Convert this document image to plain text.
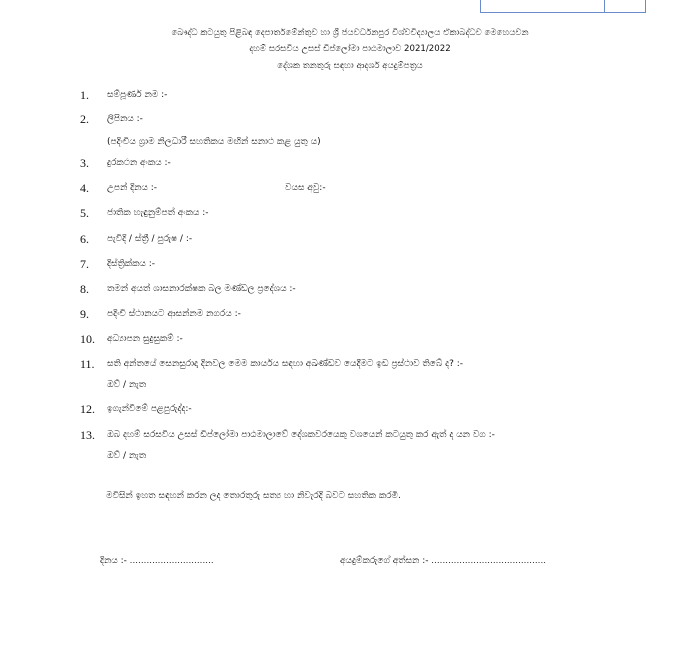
බෞද්ධ කටයුතු පිළිබඳ දෙපාර්තමේන්තුව හා ශ්‍රී ජයවර්ධනපුර විශ්වවිද්‍යාලය ඒකාබද්ධව මෙහෙයවන
දහම් සරසවිය උසස් ඩිප්ලෝමා පාඨමාලාව 2021/2022
දේශක තනතුරු සඳහා ආදර්ශ අයදුම්පත්‍රය
1.	සම්පූර්ණ නම :-
2.	ලිපිනය :-
(පදිංචිය ග්‍රාම නිලධාරී සහතිකය මඟින් සනාථ කළ යුතු ය)
3.	දුරකථන අංකය :-
4.	උපන් දිනය :-	වයස අවු:-
5.	ජාතික හැඳුනුම්පත් අංකය :-
6.	පැවිදි / ස්ත්‍රී / පුරුෂ / :-
7.	දිස්ත්‍රික්කය :-
8.	තමන් අයත් ශාසනාරක්ෂක බල මණ්ඩල ප්‍රදේශය :-
9.	පදිංචි ස්ථානයට ආසන්නම නගරය :-
10.	අධ්‍යාපන සුදුසුකම් :-
11.	සති අන්තයේ සෙනසුරාදා දිනවල මෙම කාර්යය සඳහා අඛණ්ඩව යෙදීමට ඉඩ ප්‍රස්ථාව තිබේ ද? :-
ඔව් / නැත
12.	ඉගැන්වීමේ පළපුරුද්ද:-
13.	ඔබ දහම් සරසවිය උසස් ඩිප්ලෝමා පාඨමාලාවේ දේශකවරයෙකු වශයෙන් කටයුතු කර ඇත් ද යන වග :-
ඔව් / නැත
මවිසින් ඉහත සඳහන් කරන ලද තොරතුරු සත්‍ය හා නිවැරදි බවට සහතික කරමි.
දිනය :- ..............................	අයදුම්කරුගේ අත්සන :- .........................................
